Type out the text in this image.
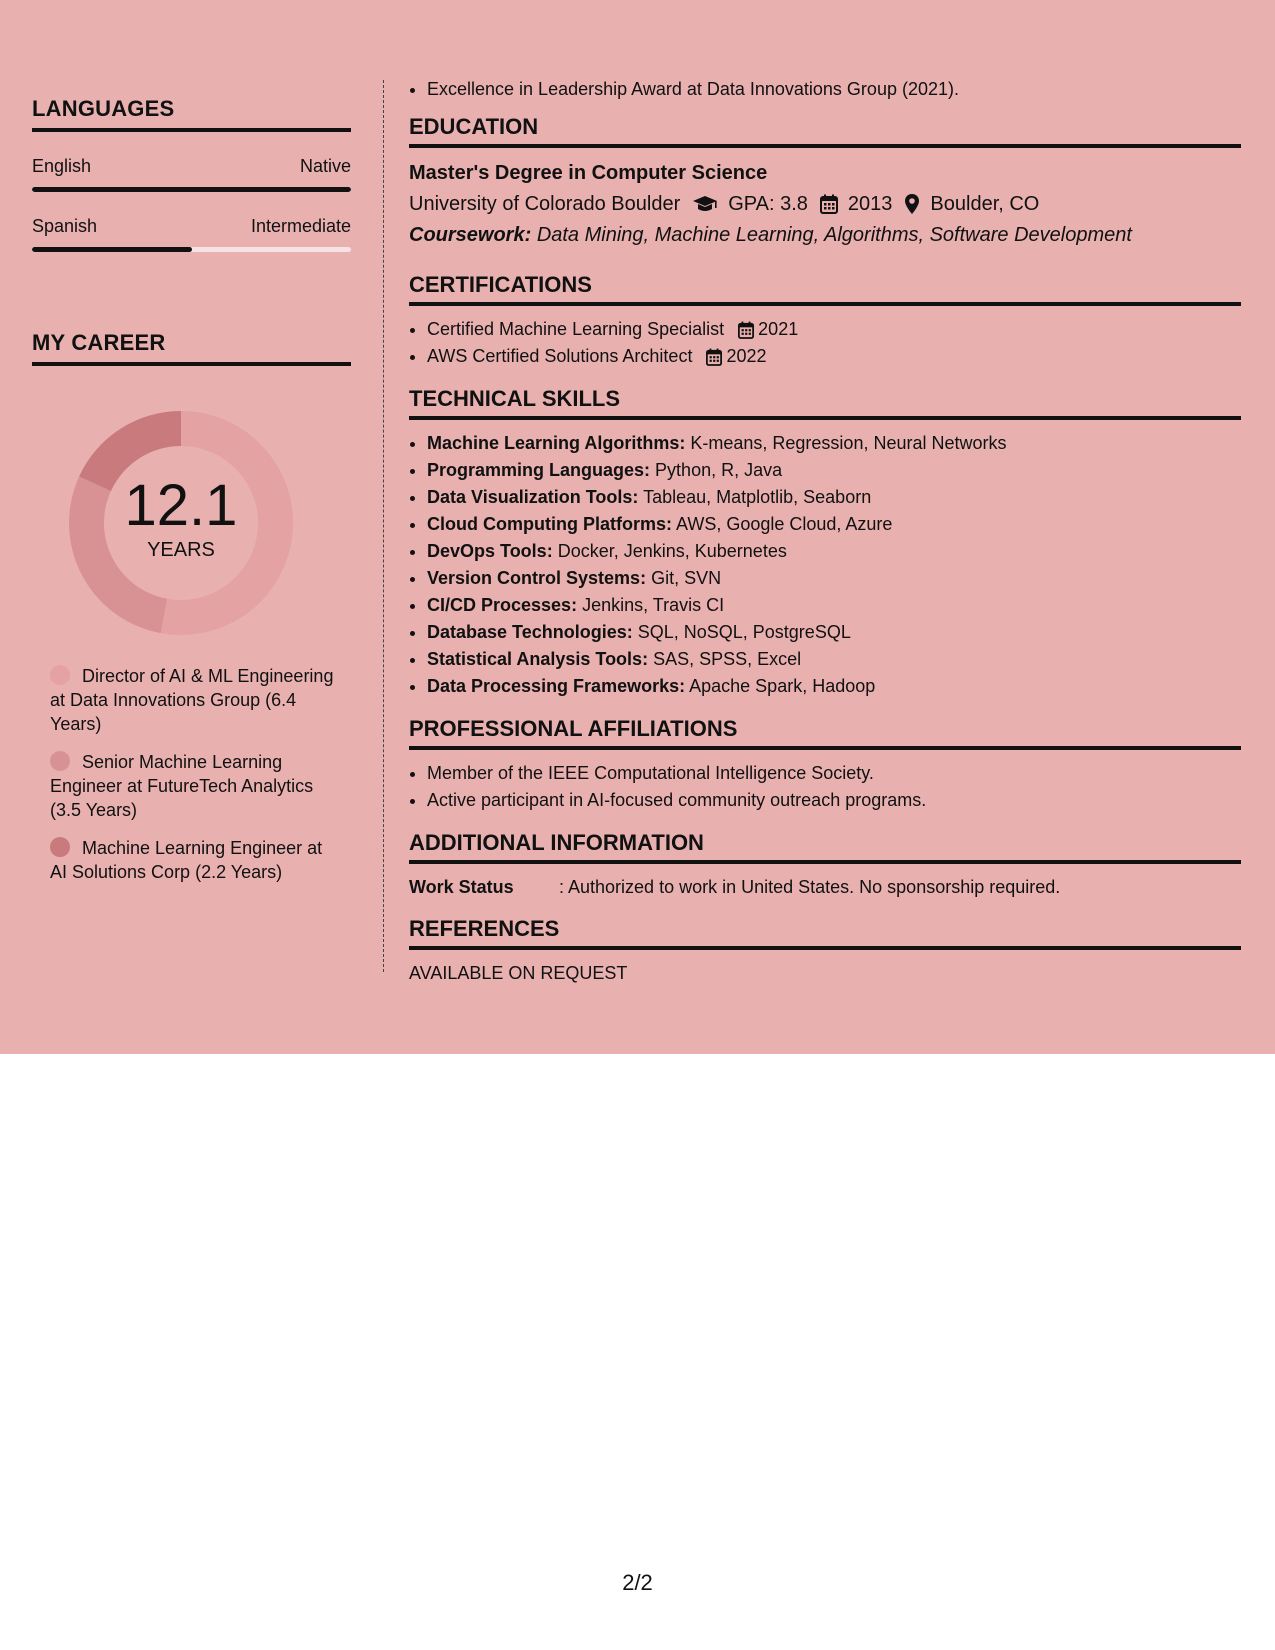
LANGUAGES
English	Native
Spanish	Intermediate
MY CAREER
12.1
YEARS
Director of AI & ML Engineering at Data Innovations Group (6.4 Years)
Senior Machine Learning Engineer at FutureTech Analytics (3.5 Years)
Machine Learning Engineer at AI Solutions Corp (2.2 Years)
• Excellence in Leadership Award at Data Innovations Group (2021).
EDUCATION
Master's Degree in Computer Science
University of Colorado Boulder GPA: 3.8 2013 Boulder, CO
Coursework: Data Mining, Machine Learning, Algorithms, Software Development
CERTIFICATIONS
• Certified Machine Learning Specialist 2021
• AWS Certified Solutions Architect 2022
TECHNICAL SKILLS
• Machine Learning Algorithms: K-means, Regression, Neural Networks
• Programming Languages: Python, R, Java
• Data Visualization Tools: Tableau, Matplotlib, Seaborn
• Cloud Computing Platforms: AWS, Google Cloud, Azure
• DevOps Tools: Docker, Jenkins, Kubernetes
• Version Control Systems: Git, SVN
• CI/CD Processes: Jenkins, Travis CI
• Database Technologies: SQL, NoSQL, PostgreSQL
• Statistical Analysis Tools: SAS, SPSS, Excel
• Data Processing Frameworks: Apache Spark, Hadoop
PROFESSIONAL AFFILIATIONS
• Member of the IEEE Computational Intelligence Society.
• Active participant in AI-focused community outreach programs.
ADDITIONAL INFORMATION
Work Status	: Authorized to work in United States. No sponsorship required.
REFERENCES
AVAILABLE ON REQUEST
2/2
